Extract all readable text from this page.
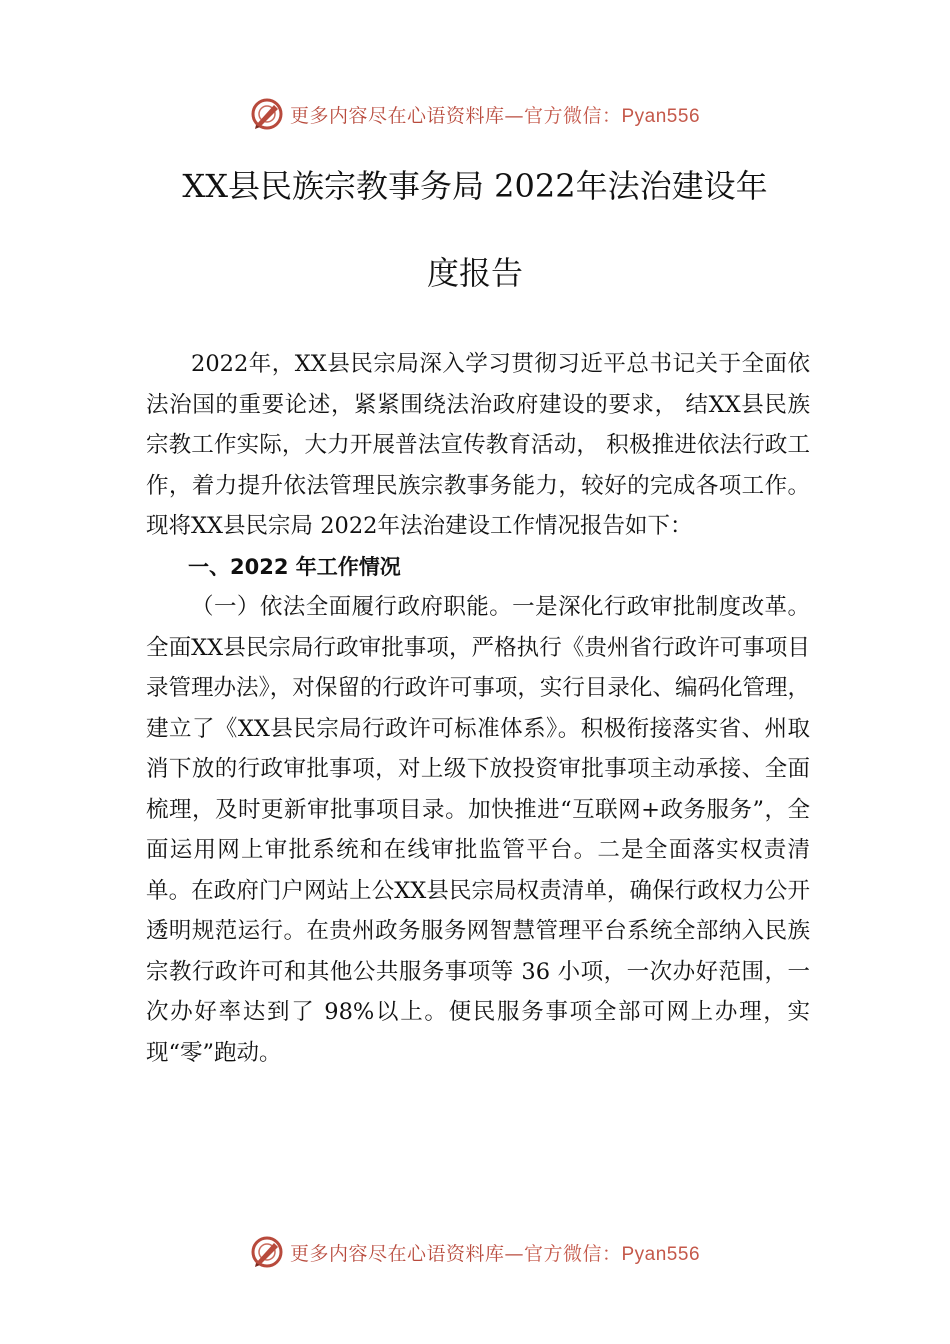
更多内容尽在心语资料库— 官方微信：Pyan556
XX县民族宗教事务局 2022年法治建设年
度报告

2022年，XX县民宗局深入学习贯彻习近平总书记关于全面依法治国的重要论述，紧紧围绕法治政府建设的要求， 结XX县民族宗教工作实际，大力开展普法宣传教育活动， 积极推进依法行政工作，着力提升依法管理民族宗教事务能力，较好的完成各项工作。现将XX县民宗局 2022年法治建设工作情况报告如下：

一、2022 年工作情况

（一）依法全面履行政府职能。一是深化行政审批制度改革。全面XX县民宗局行政审批事项，严格执行《贵州省行政许可事项目录管理办法》，对保留的行政许可事项，实行目录化、编码化管理，建立了《XX县民宗局行政许可标准体系》。积极衔接落实省、州取消下放的行政审批事项，对上级下放投资审批事项主动承接、全面梳理，及时更新审批事项目录。加快推进“互联网+政务服务”，全面运用网上审批系统和在线审批监管平台。二是全面落实权责清单。在政府门户网站上公XX县民宗局权责清单，确保行政权力公开透明规范运行。在贵州政务服务网智慧管理平台系统全部纳入民族宗教行政许可和其他公共服务事项等 36 小项，一次办好范围，一次办好率达到了 98%以上。便民服务事项全部可网上办理，实现“零”跑动。

更多内容尽在心语资料库— 官方微信：Pyan556
